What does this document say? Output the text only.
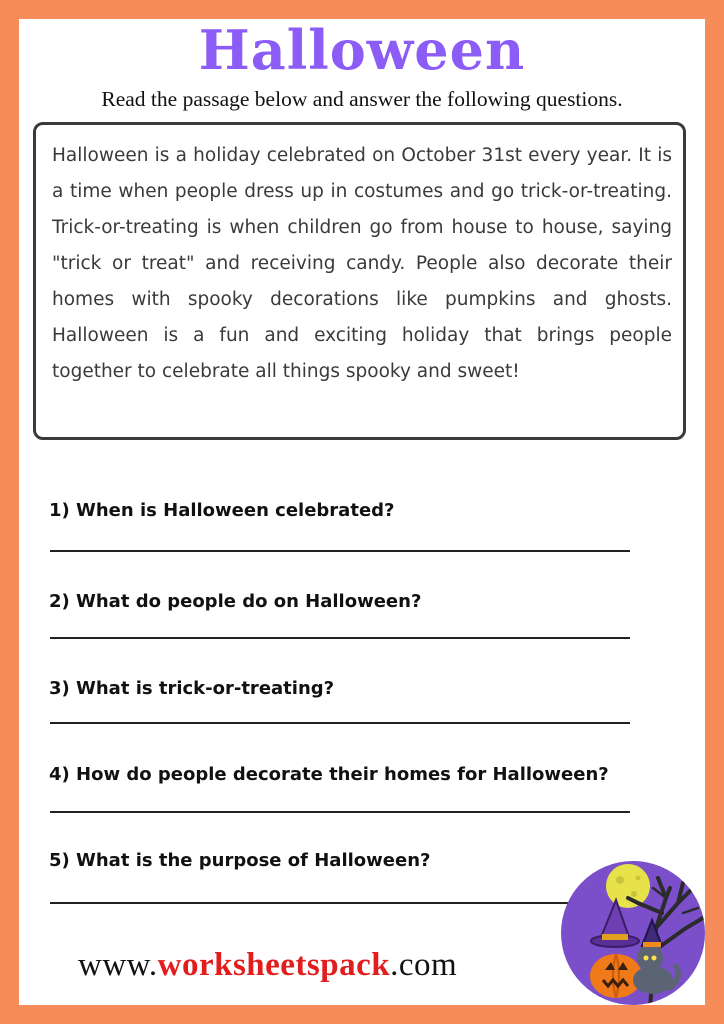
Halloween
Read the passage below and answer the following questions.

Halloween is a holiday celebrated on October 31st every year. It is a time when people dress up in costumes and go trick-or-treating. Trick-or-treating is when children go from house to house, saying "trick or treat" and receiving candy. People also decorate their homes with spooky decorations like pumpkins and ghosts. Halloween is a fun and exciting holiday that brings people together to celebrate all things spooky and sweet!

1) When is Halloween celebrated?

2) What do people do on Halloween?

3) What is trick-or-treating?

4) How do people decorate their homes for Halloween?

5) What is the purpose of Halloween?

www.worksheetspack.com
